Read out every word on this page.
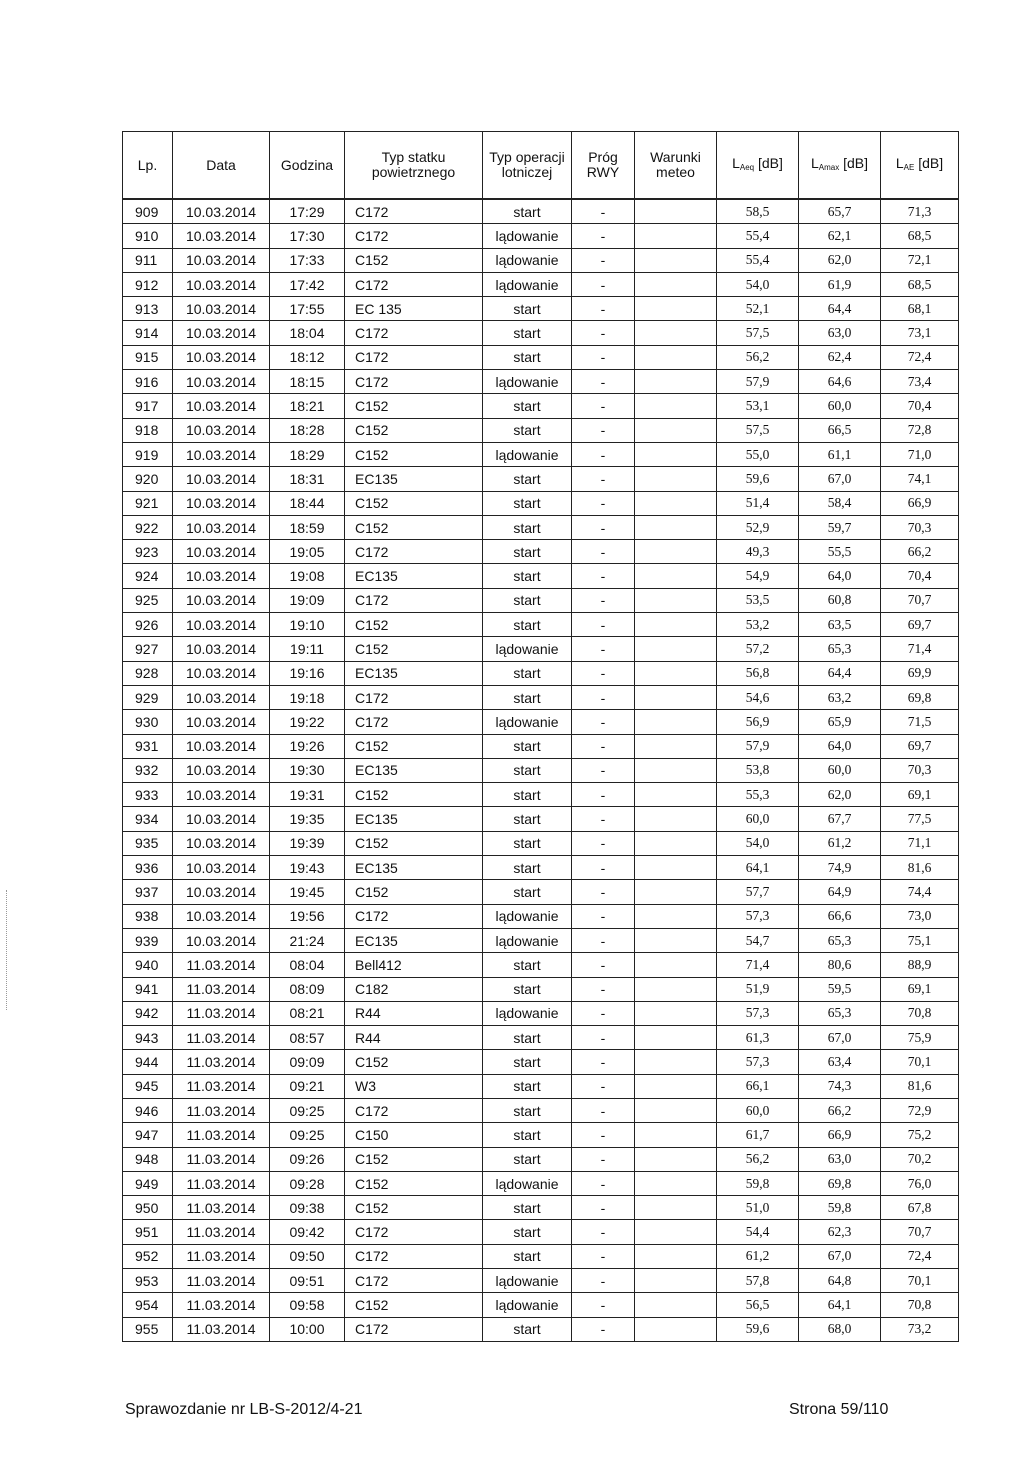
Lp.	Data	Godzina	Typ statku powietrznego	Typ operacji lotniczej	Próg RWY	Warunki meteo	$L_{Aeq}$ [dB]	$L_{Amax}$ [dB]	$L_{AE}$ [dB]
909	10.03.2014	17:29	C172	start	-		58,5	65,7	71,3
910	10.03.2014	17:30	C172	lądowanie	-		55,4	62,1	68,5
911	10.03.2014	17:33	C152	lądowanie	-		55,4	62,0	72,1
912	10.03.2014	17:42	C172	lądowanie	-		54,0	61,9	68,5
913	10.03.2014	17:55	EC 135	start	-		52,1	64,4	68,1
914	10.03.2014	18:04	C172	start	-		57,5	63,0	73,1
915	10.03.2014	18:12	C172	start	-		56,2	62,4	72,4
916	10.03.2014	18:15	C172	lądowanie	-		57,9	64,6	73,4
917	10.03.2014	18:21	C152	start	-		53,1	60,0	70,4
918	10.03.2014	18:28	C152	start	-		57,5	66,5	72,8
919	10.03.2014	18:29	C152	lądowanie	-		55,0	61,1	71,0
920	10.03.2014	18:31	EC135	start	-		59,6	67,0	74,1
921	10.03.2014	18:44	C152	start	-		51,4	58,4	66,9
922	10.03.2014	18:59	C152	start	-		52,9	59,7	70,3
923	10.03.2014	19:05	C172	start	-		49,3	55,5	66,2
924	10.03.2014	19:08	EC135	start	-		54,9	64,0	70,4
925	10.03.2014	19:09	C172	start	-		53,5	60,8	70,7
926	10.03.2014	19:10	C152	start	-		53,2	63,5	69,7
927	10.03.2014	19:11	C152	lądowanie	-		57,2	65,3	71,4
928	10.03.2014	19:16	EC135	start	-		56,8	64,4	69,9
929	10.03.2014	19:18	C172	start	-		54,6	63,2	69,8
930	10.03.2014	19:22	C172	lądowanie	-		56,9	65,9	71,5
931	10.03.2014	19:26	C152	start	-		57,9	64,0	69,7
932	10.03.2014	19:30	EC135	start	-		53,8	60,0	70,3
933	10.03.2014	19:31	C152	start	-		55,3	62,0	69,1
934	10.03.2014	19:35	EC135	start	-		60,0	67,7	77,5
935	10.03.2014	19:39	C152	start	-		54,0	61,2	71,1
936	10.03.2014	19:43	EC135	start	-		64,1	74,9	81,6
937	10.03.2014	19:45	C152	start	-		57,7	64,9	74,4
938	10.03.2014	19:56	C172	lądowanie	-		57,3	66,6	73,0
939	10.03.2014	21:24	EC135	lądowanie	-		54,7	65,3	75,1
940	11.03.2014	08:04	Bell412	start	-		71,4	80,6	88,9
941	11.03.2014	08:09	C182	start	-		51,9	59,5	69,1
942	11.03.2014	08:21	R44	lądowanie	-		57,3	65,3	70,8
943	11.03.2014	08:57	R44	start	-		61,3	67,0	75,9
944	11.03.2014	09:09	C152	start	-		57,3	63,4	70,1
945	11.03.2014	09:21	W3	start	-		66,1	74,3	81,6
946	11.03.2014	09:25	C172	start	-		60,0	66,2	72,9
947	11.03.2014	09:25	C150	start	-		61,7	66,9	75,2
948	11.03.2014	09:26	C152	start	-		56,2	63,0	70,2
949	11.03.2014	09:28	C152	lądowanie	-		59,8	69,8	76,0
950	11.03.2014	09:38	C152	start	-		51,0	59,8	67,8
951	11.03.2014	09:42	C172	start	-		54,4	62,3	70,7
952	11.03.2014	09:50	C172	start	-		61,2	67,0	72,4
953	11.03.2014	09:51	C172	lądowanie	-		57,8	64,8	70,1
954	11.03.2014	09:58	C152	lądowanie	-		56,5	64,1	70,8
955	11.03.2014	10:00	C172	start	-		59,6	68,0	73,2
Sprawozdanie nr LB-S-2012/4-21	Strona 59/110
